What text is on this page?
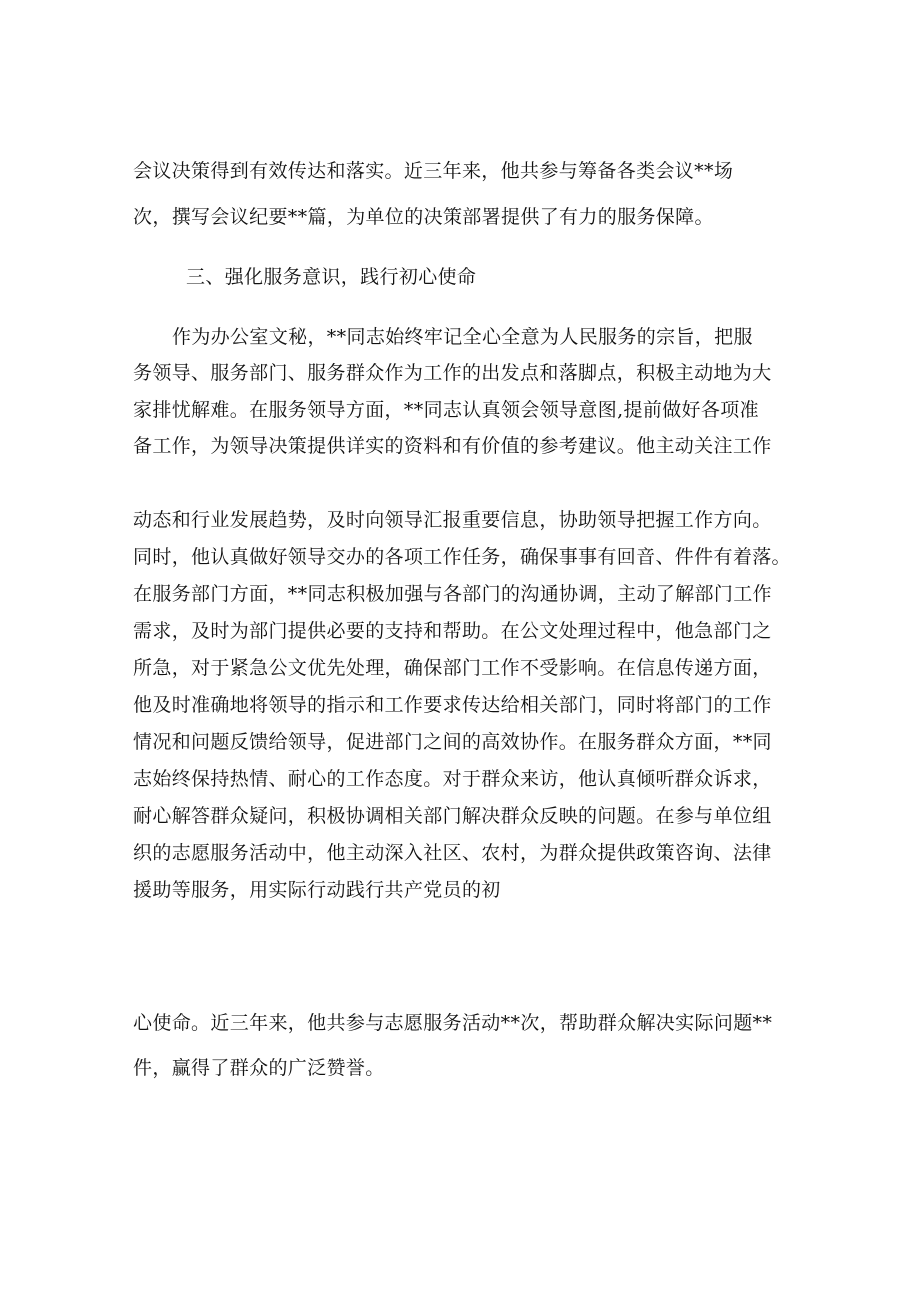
会议决策得到有效传达和落实。近三年来，他共参与筹备各类会议**场
次，撰写会议纪要**篇，为单位的决策部署提供了有力的服务保障。
三、强化服务意识，践行初心使命
作为办公室文秘，**同志始终牢记全心全意为人民服务的宗旨，把服
务领导、服务部门、服务群众作为工作的出发点和落脚点，积极主动地为大
家排忧解难。在服务领导方面，**同志认真领会领导意图,提前做好各项准
备工作，为领导决策提供详实的资料和有价值的参考建议。他主动关注工作
动态和行业发展趋势，及时向领导汇报重要信息，协助领导把握工作方向。
同时，他认真做好领导交办的各项工作任务，确保事事有回音、件件有着落。
在服务部门方面，**同志积极加强与各部门的沟通协调，主动了解部门工作
需求，及时为部门提供必要的支持和帮助。在公文处理过程中，他急部门之
所急，对于紧急公文优先处理，确保部门工作不受影响。在信息传递方面，
他及时准确地将领导的指示和工作要求传达给相关部门，同时将部门的工作
情况和问题反馈给领导，促进部门之间的高效协作。在服务群众方面，**同
志始终保持热情、耐心的工作态度。对于群众来访，他认真倾听群众诉求，
耐心解答群众疑问，积极协调相关部门解决群众反映的问题。在参与单位组
织的志愿服务活动中，他主动深入社区、农村，为群众提供政策咨询、法律
援助等服务，用实际行动践行共产党员的初
心使命。近三年来，他共参与志愿服务活动**次，帮助群众解决实际问题**
件，赢得了群众的广泛赞誉。
